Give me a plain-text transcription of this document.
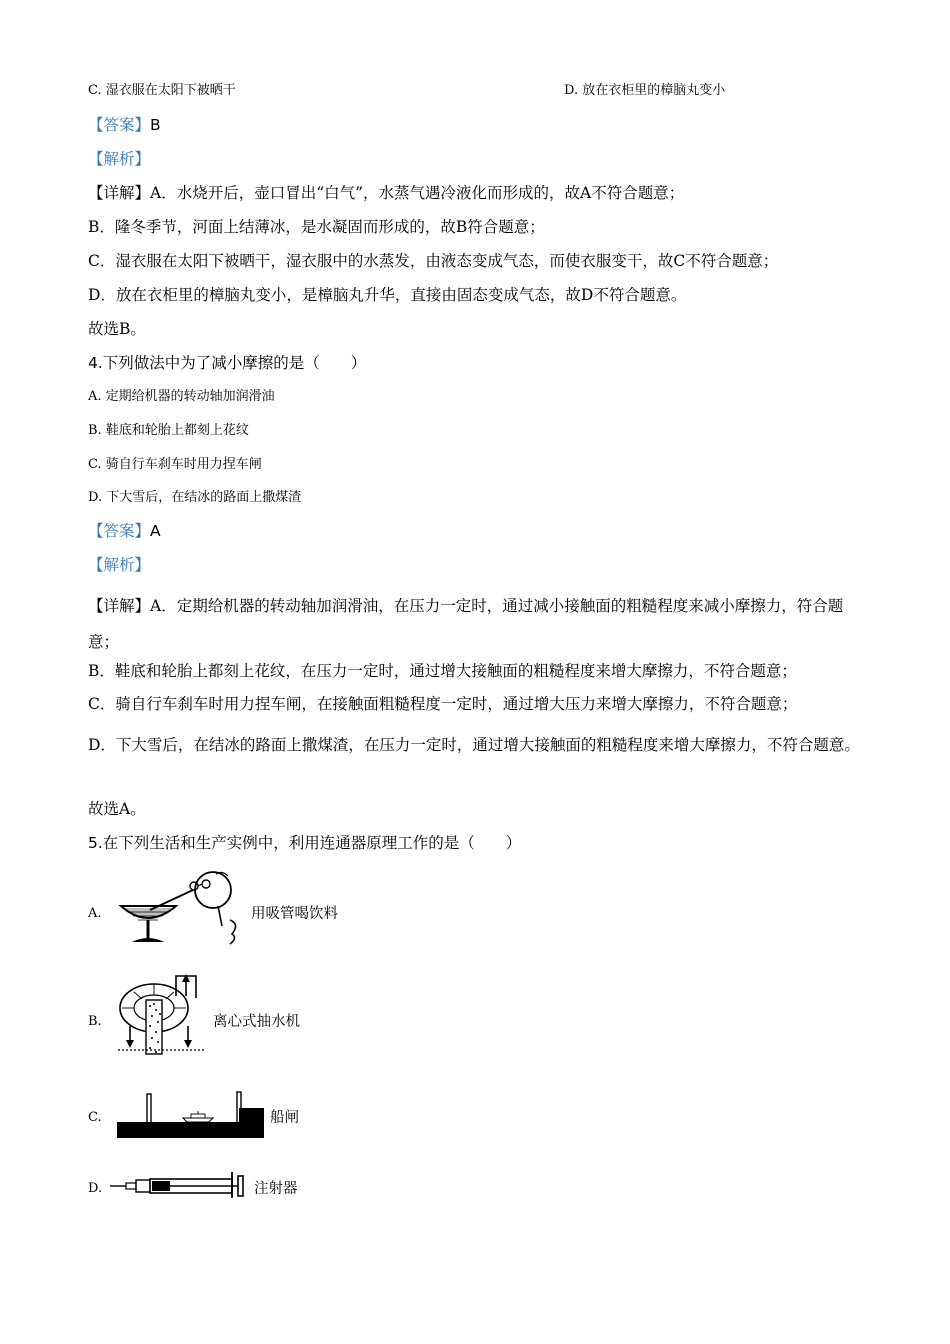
C. 湿衣服在太阳下被晒干	D. 放在衣柜里的樟脑丸变小
【答案】B
【解析】
【详解】A．水烧开后，壶口冒出“白气”，水蒸气遇冷液化而形成的，故A不符合题意；
B．隆冬季节，河面上结薄冰，是水凝固而形成的，故B符合题意；
C．湿衣服在太阳下被晒干，湿衣服中的水蒸发，由液态变成气态，而使衣服变干，故C不符合题意；
D．放在衣柜里的樟脑丸变小，是樟脑丸升华，直接由固态变成气态，故D不符合题意。
故选B。
4.下列做法中为了减小摩擦的是（　　）
A. 定期给机器的转动轴加润滑油
B. 鞋底和轮胎上都刻上花纹
C. 骑自行车刹车时用力捏车闸
D. 下大雪后，在结冰的路面上撒煤渣
【答案】A
【解析】
【详解】A．定期给机器的转动轴加润滑油，在压力一定时，通过减小接触面的粗糙程度来减小摩擦力，符合题意；
B．鞋底和轮胎上都刻上花纹，在压力一定时，通过增大接触面的粗糙程度来增大摩擦力，不符合题意；
C．骑自行车刹车时用力捏车闸，在接触面粗糙程度一定时，通过增大压力来增大摩擦力，不符合题意；
D．下大雪后，在结冰的路面上撒煤渣，在压力一定时，通过增大接触面的粗糙程度来增大摩擦力，不符合题意。
故选A。
5.在下列生活和生产实例中，利用连通器原理工作的是（　　）
A.	用吸管喝饮料
B.	离心式抽水机
C.	船闸
D.	注射器
